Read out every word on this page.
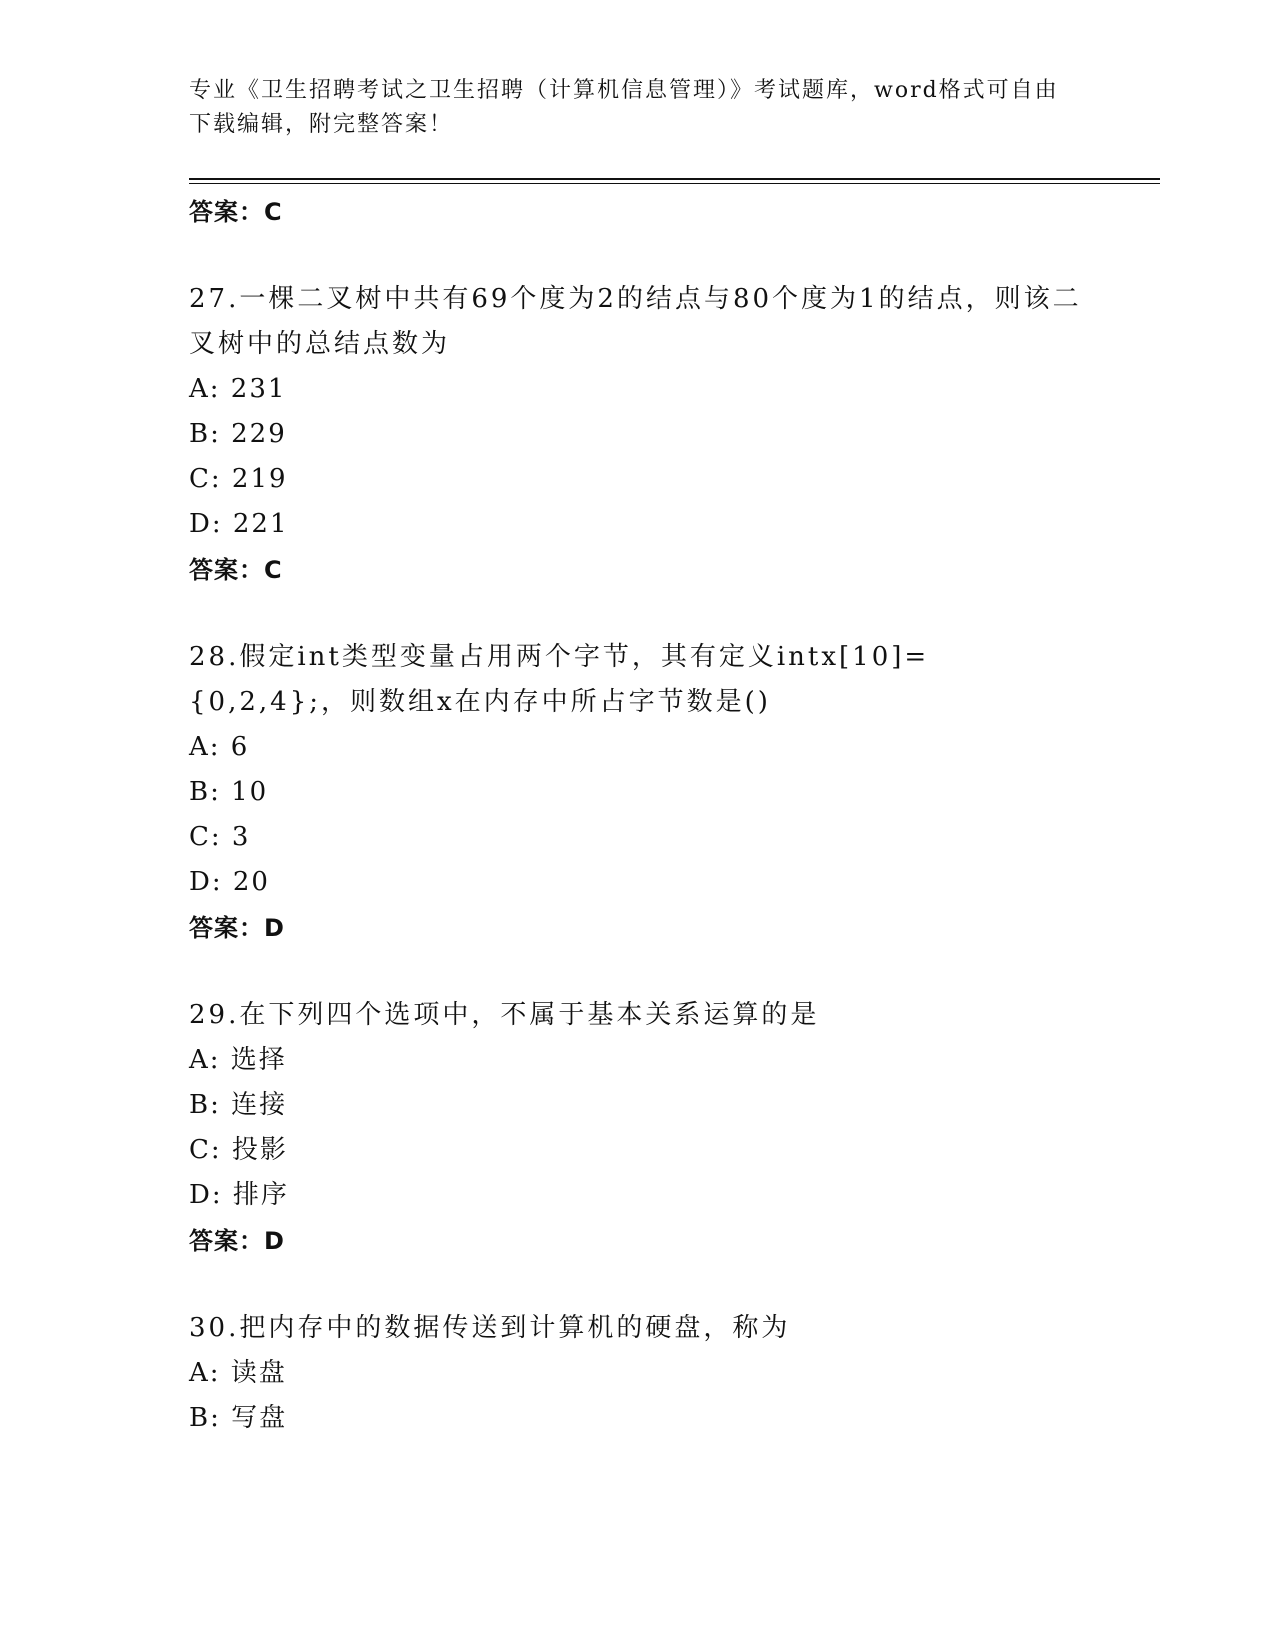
专业《卫生招聘考试之卫生招聘（计算机信息管理）》考试题库，word格式可自由下载编辑，附完整答案！
答案：C
27.一棵二叉树中共有69个度为2的结点与80个度为1的结点，则该二叉树中的总结点数为
A: 231
B: 229
C: 219
D: 221
答案：C
28.假定int类型变量占用两个字节，其有定义intx[10]={0,2,4};，则数组x在内存中所占字节数是()
A: 6
B: 10
C: 3
D: 20
答案：D
29.在下列四个选项中，不属于基本关系运算的是
A: 选择
B: 连接
C: 投影
D: 排序
答案：D
30.把内存中的数据传送到计算机的硬盘，称为
A: 读盘
B: 写盘
